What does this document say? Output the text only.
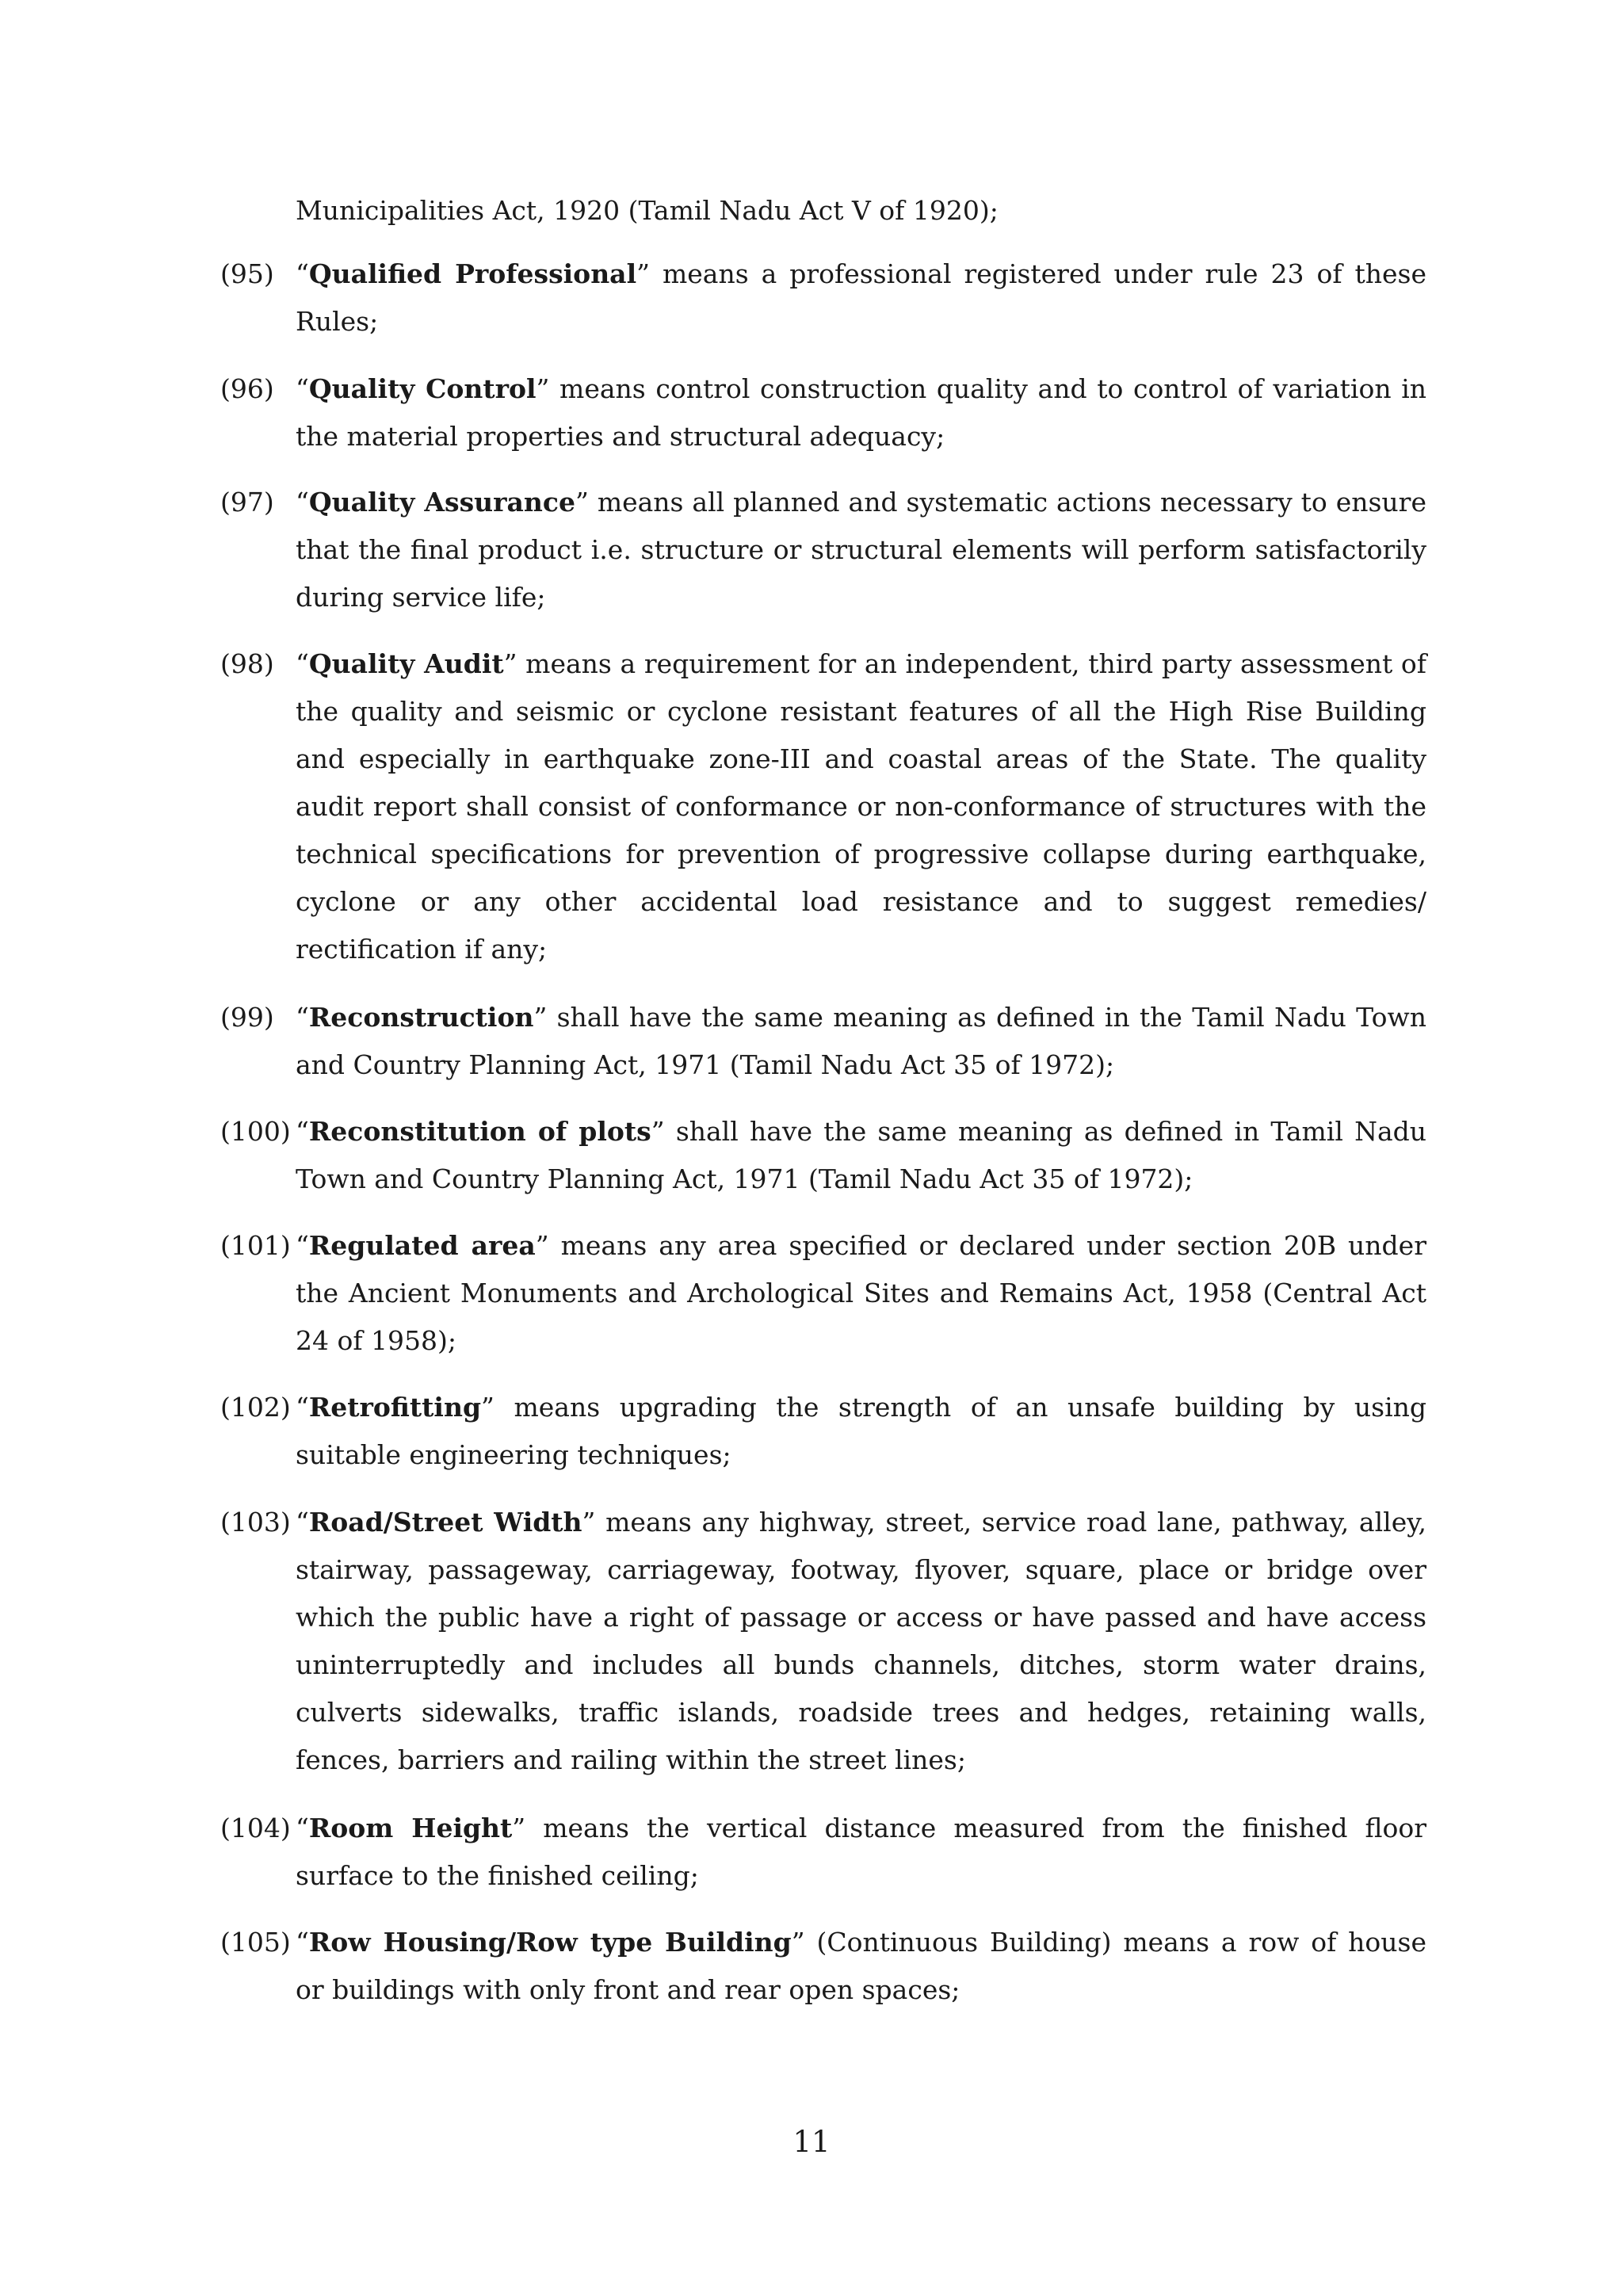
Municipalities Act, 1920 (Tamil Nadu Act V of 1920);
(95) “Qualified Professional” means a professional registered under rule 23 of these Rules;
(96) “Quality Control” means control construction quality and to control of variation in the material properties and structural adequacy;
(97) “Quality Assurance” means all planned and systematic actions necessary to ensure that the final product i.e. structure or structural elements will perform satisfactorily during service life;
(98) “Quality Audit” means a requirement for an independent, third party assessment of the quality and seismic or cyclone resistant features of all the High Rise Building and especially in earthquake zone-III and coastal areas of the State. The quality audit report shall consist of conformance or non-conformance of structures with the technical specifications for prevention of progressive collapse during earthquake, cyclone or any other accidental load resistance and to suggest remedies/ rectification if any;
(99) “Reconstruction” shall have the same meaning as defined in the Tamil Nadu Town and Country Planning Act, 1971 (Tamil Nadu Act 35 of 1972);
(100) “Reconstitution of plots” shall have the same meaning as defined in Tamil Nadu Town and Country Planning Act, 1971 (Tamil Nadu Act 35 of 1972);
(101) “Regulated area” means any area specified or declared under section 20B under the Ancient Monuments and Archological Sites and Remains Act, 1958 (Central Act 24 of 1958);
(102) “Retrofitting” means upgrading the strength of an unsafe building by using suitable engineering techniques;
(103) “Road/Street Width” means any highway, street, service road lane, pathway, alley, stairway, passageway, carriageway, footway, flyover, square, place or bridge over which the public have a right of passage or access or have passed and have access uninterruptedly and includes all bunds channels, ditches, storm water drains, culverts sidewalks, traffic islands, roadside trees and hedges, retaining walls, fences, barriers and railing within the street lines;
(104) “Room Height” means the vertical distance measured from the finished floor surface to the finished ceiling;
(105) “Row Housing/Row type Building” (Continuous Building) means a row of house or buildings with only front and rear open spaces;
11
